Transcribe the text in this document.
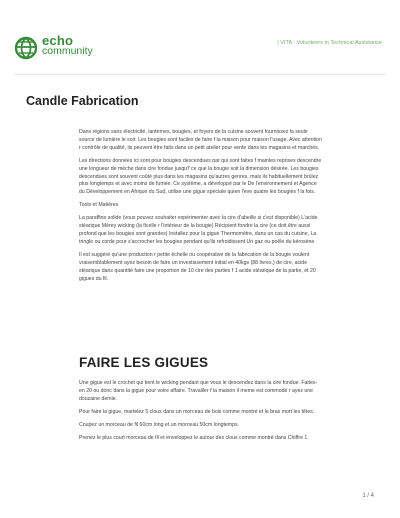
echo
community
| VITA : Volunteers in Technical Assistance
Candle Fabrication

Dans régions sans électricité, lanternes, bougies, et foyers de la cuisine souvent fournissez la seule source de lumière le soir. Les bougies sont faciles de faire f la maison pour maison l'usage. Avec attention r contrôle de qualité, ils peuvent être faits dans un petit atelier pour vente dans les magasins et marchés.

Les directions données ici sont pour bougies descendues par qui sont faites f maintes reprises descendre une longueur de mèche dans cire fondue jusqu'f ce que la bougie soit la dimension désirée. Les bougies descendues sont souvent coûté plus dans les magasins qu'autres genres, mais ils habituellement brûlez plus longtemps et avec moins de fumée. Ce système, a développé par le De l'environnement et Agence du Développement en Afrique du Sud, utilise une gigue spéciale quien l'eve quatre les bougies f la fois.

Tools et Matières

La paraffine solide (vous pouvez souhaiter expérimenter avec la cire d'abeille si c'est disponible) L'acide stéarique Mèrey wicking (la ficelle r l'intérieur de la bougie) Récipient fondre la cire (ce doit être aussi profond que les bougies sont grandes) Installez pour la gigue Thermomètre, dans un cas du cuisine, La tringle ou corde pour s'accrocher les bougies pendant qu'ils refroidissent Un gaz ou poêle du kérosène

Il est suggéré qu'une production r petite échelle ou coopérative de la fabrication de la bougie voulent vraisemblablement ayez besoin de faire un investissement initial en 40kgs (88 livres,) de cire, acide stéarique dans quantité faire une proportion de 10 cire des parties f 1 acide stéarique de la partie, et 20 gigues du fil.

FAIRE LES GIGUES

Une gigue est le crochet qui tient le wicking pendant que vous le descendez dans la cire fondue. Faites-en 20 ou donc dans la gigue pour votre affaire. Travailler f la maison il meme est commodé r ayez une douzaine demie.

Pour faire la gigue, martelez 5 clous dans un morceau de bois comme montré et le bras mort les têtes.

Coupez un morceau de fil 60cm long et un morceau 50cm longtemps.

Prenez le plus court morceau de fil et enveloppez le autour des clous comme montré dans Chiffre 1.

1 / 4
